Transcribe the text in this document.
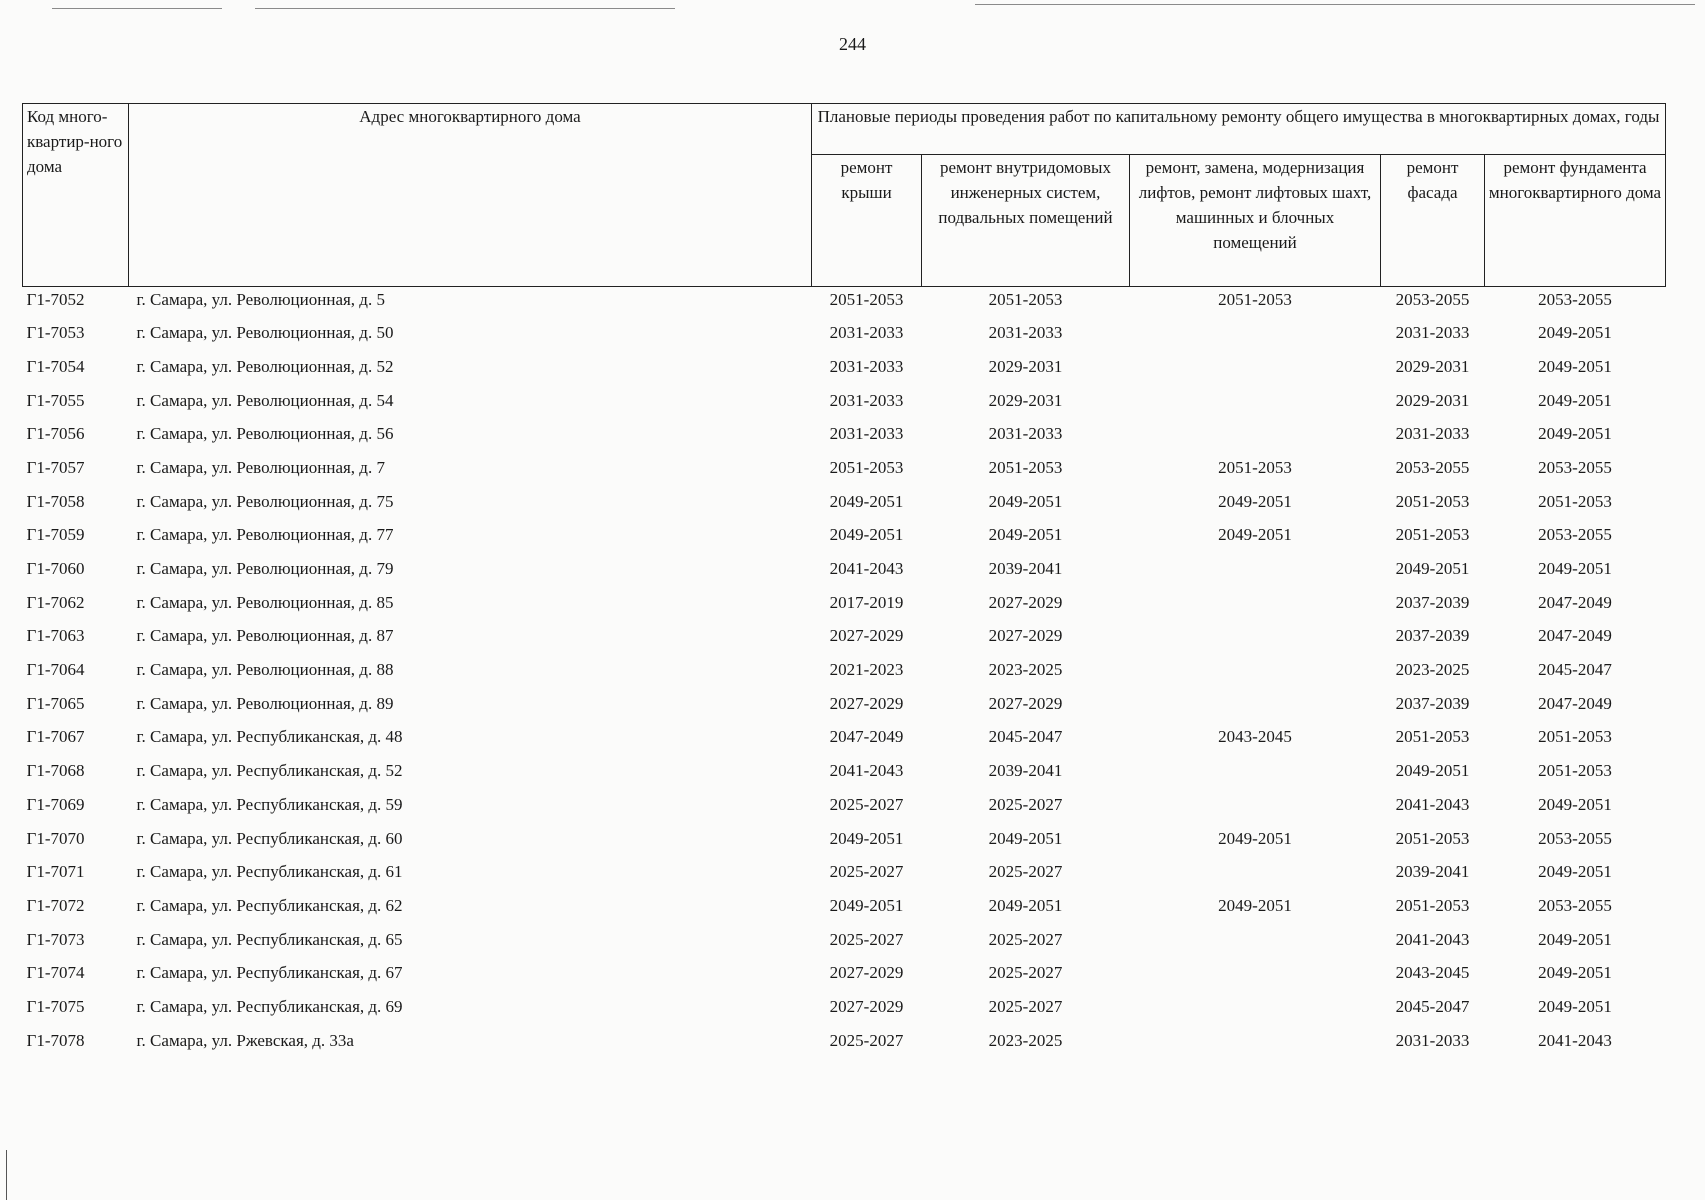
244
Код много-квартир-ного дома	Адрес многоквартирного дома	Плановые периоды проведения работ по капитальному ремонту общего имущества в многоквартирных домах, годы				
		ремонт крыши	ремонт внутридомовых инженерных систем, подвальных помещений	ремонт, замена, модернизация лифтов, ремонт лифтовых шахт, машинных и блочных помещений	ремонт фасада	ремонт фундамента многоквартирного дома
Г1-7052	г. Самара, ул. Революционная, д. 5	2051-2053	2051-2053	2051-2053	2053-2055	2053-2055
Г1-7053	г. Самара, ул. Революционная, д. 50	2031-2033	2031-2033		2031-2033	2049-2051
Г1-7054	г. Самара, ул. Революционная, д. 52	2031-2033	2029-2031		2029-2031	2049-2051
Г1-7055	г. Самара, ул. Революционная, д. 54	2031-2033	2029-2031		2029-2031	2049-2051
Г1-7056	г. Самара, ул. Революционная, д. 56	2031-2033	2031-2033		2031-2033	2049-2051
Г1-7057	г. Самара, ул. Революционная, д. 7	2051-2053	2051-2053	2051-2053	2053-2055	2053-2055
Г1-7058	г. Самара, ул. Революционная, д. 75	2049-2051	2049-2051	2049-2051	2051-2053	2051-2053
Г1-7059	г. Самара, ул. Революционная, д. 77	2049-2051	2049-2051	2049-2051	2051-2053	2053-2055
Г1-7060	г. Самара, ул. Революционная, д. 79	2041-2043	2039-2041		2049-2051	2049-2051
Г1-7062	г. Самара, ул. Революционная, д. 85	2017-2019	2027-2029		2037-2039	2047-2049
Г1-7063	г. Самара, ул. Революционная, д. 87	2027-2029	2027-2029		2037-2039	2047-2049
Г1-7064	г. Самара, ул. Революционная, д. 88	2021-2023	2023-2025		2023-2025	2045-2047
Г1-7065	г. Самара, ул. Революционная, д. 89	2027-2029	2027-2029		2037-2039	2047-2049
Г1-7067	г. Самара, ул. Республиканская, д. 48	2047-2049	2045-2047	2043-2045	2051-2053	2051-2053
Г1-7068	г. Самара, ул. Республиканская, д. 52	2041-2043	2039-2041		2049-2051	2051-2053
Г1-7069	г. Самара, ул. Республиканская, д. 59	2025-2027	2025-2027		2041-2043	2049-2051
Г1-7070	г. Самара, ул. Республиканская, д. 60	2049-2051	2049-2051	2049-2051	2051-2053	2053-2055
Г1-7071	г. Самара, ул. Республиканская, д. 61	2025-2027	2025-2027		2039-2041	2049-2051
Г1-7072	г. Самара, ул. Республиканская, д. 62	2049-2051	2049-2051	2049-2051	2051-2053	2053-2055
Г1-7073	г. Самара, ул. Республиканская, д. 65	2025-2027	2025-2027		2041-2043	2049-2051
Г1-7074	г. Самара, ул. Республиканская, д. 67	2027-2029	2025-2027		2043-2045	2049-2051
Г1-7075	г. Самара, ул. Республиканская, д. 69	2027-2029	2025-2027		2045-2047	2049-2051
Г1-7078	г. Самара, ул. Ржевская, д. 33а	2025-2027	2023-2025		2031-2033	2041-2043
